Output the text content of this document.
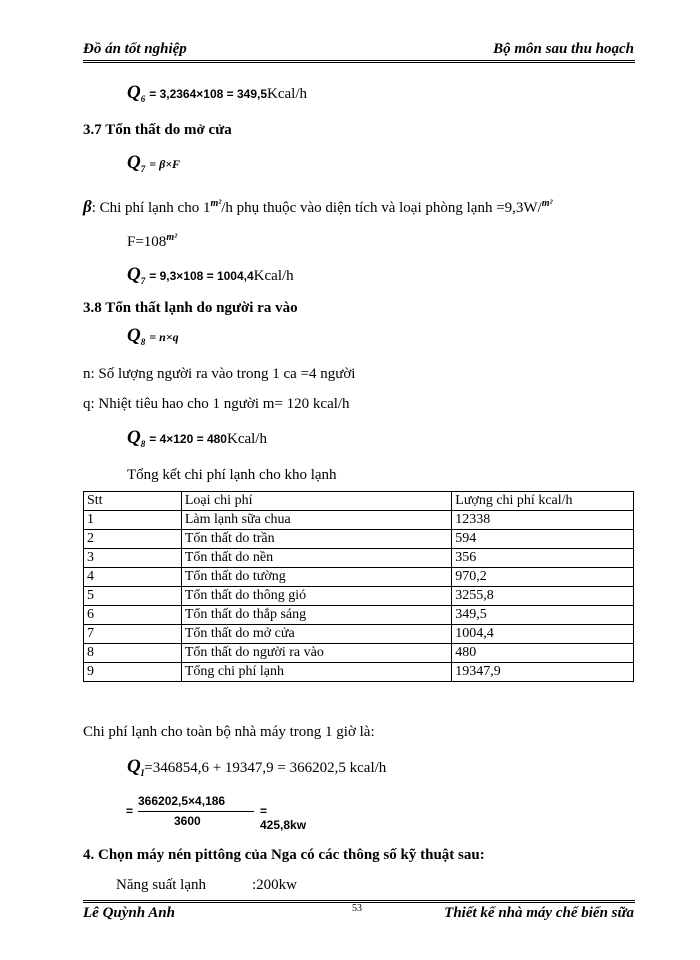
Đồ án tốt nghiệp	Bộ môn sau thu hoạch
$Q_6 = 3,2364\times 108$ = 349,5Kcal/h
3.7 Tổn thất do mở cửa
$Q_7 = \beta\times F$
β: Chi phí lạnh cho $1^{m^2}/h$ phụ thuộc vào diện tích và loại phòng lạnh =9,3W/$^{m^2}$
$F=108^{m^2}$
$Q_7 = 9,3\times 108$ = 1004,4Kcal/h
3.8 Tổn thất lạnh do người ra vào
$Q_8 = n\times q$
n: Số lượng người ra vào trong 1 ca =4 người
q: Nhiệt tiêu hao cho 1 người m= 120 kcal/h
$Q_8 = 4\times 120$ = 480Kcal/h
Tổng kết chi phí lạnh cho kho lạnh
Stt	Loại chi phí	Lượng chi phí kcal/h
1	Làm lạnh sữa chua	12338
2	Tổn thất do trần	594
3	Tổn thất do nền	356
4	Tổn thất do tường	970,2
5	Tổn thất do thông gió	3255,8
6	Tổn thất do thắp sáng	349,5
7	Tổn thất do mở cửa	1004,4
8	Tổn thất do người ra vào	480
9	Tổng chi phí lạnh	19347,9
Chi phí lạnh cho toàn bộ nhà máy trong 1 giờ là:
$Q_I=346854,6 + 19347,9 = 366202,5$ kcal/h
=
366202,5×4,186
3600
= 425,8kw
4. Chọn máy nén pittông của Nga có các thông số kỹ thuật sau:
Năng suất lạnh	:200kw
Lê Quỳnh Anh	53	Thiết kế nhà máy chế biến sữa
